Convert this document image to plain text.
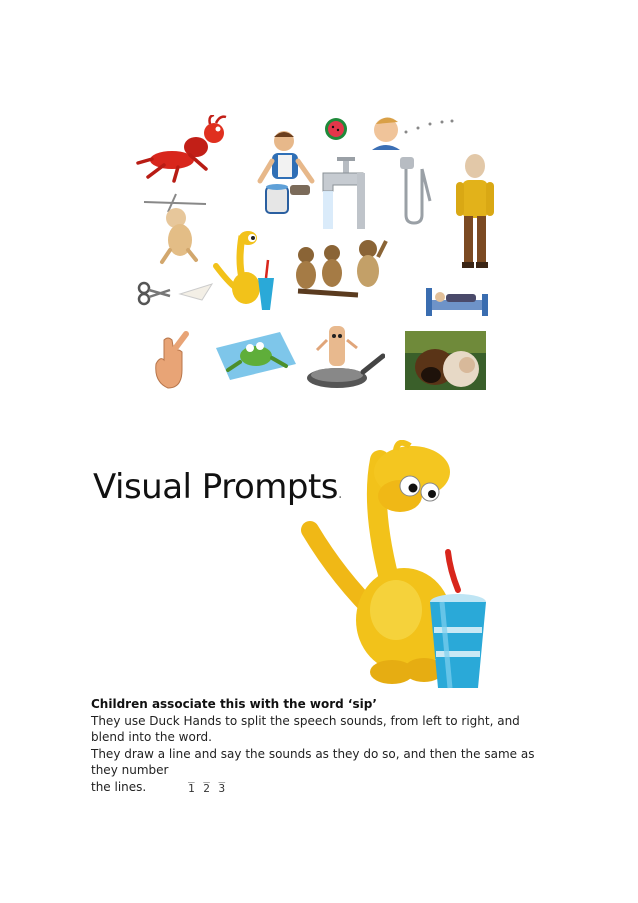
Visual Prompts.

Children associate this with the word ‘sip’

They use Duck Hands to split the speech sounds, from left to right, and blend into the word.

They draw a line and say the sounds as they do so, and then the same as

they number

the lines.

_ _ _
1 2 3
